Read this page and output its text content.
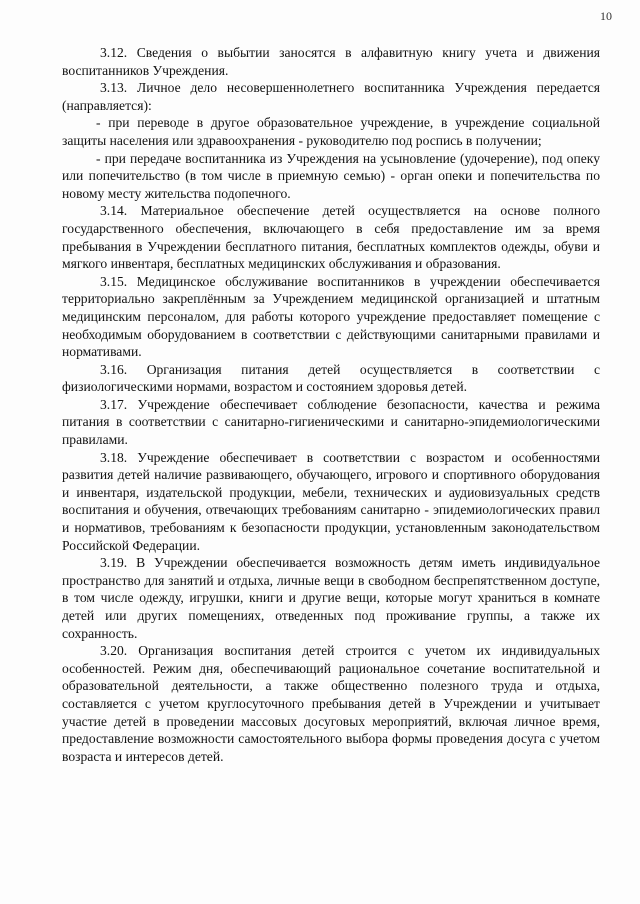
10

3.12. Сведения о выбытии заносятся в алфавитную книгу учета и движения воспитанников Учреждения.

3.13. Личное дело несовершеннолетнего воспитанника Учреждения передается (направляется):

- при переводе в другое образовательное учреждение, в учреждение социальной защиты населения или здравоохранения - руководителю под роспись в получении;

- при передаче воспитанника из Учреждения на усыновление (удочерение), под опеку или попечительство (в том числе в приемную семью) - орган опеки и попечительства по новому месту жительства подопечного.

3.14. Материальное обеспечение детей осуществляется на основе полного государственного обеспечения, включающего в себя предоставление им за время пребывания в Учреждении бесплатного питания, бесплатных комплектов одежды, обуви и мягкого инвентаря, бесплатных медицинских обслуживания и образования.

3.15. Медицинское обслуживание воспитанников в учреждении обеспечивается территориально закреплённым за Учреждением медицинской организацией и штатным медицинским персоналом, для работы которого учреждение предоставляет помещение с необходимым оборудованием в соответствии с действующими санитарными правилами и нормативами.

3.16. Организация питания детей осуществляется в соответствии с физиологическими нормами, возрастом и состоянием здоровья детей.

3.17. Учреждение обеспечивает соблюдение безопасности, качества и режима питания в соответствии с санитарно-гигиеническими и санитарно-эпидемиологическими правилами.

3.18. Учреждение обеспечивает в соответствии с возрастом и особенностями развития детей наличие развивающего, обучающего, игрового и спортивного оборудования и инвентаря, издательской продукции, мебели, технических и аудиовизуальных средств воспитания и обучения, отвечающих требованиям санитарно - эпидемиологических правил и нормативов, требованиям к безопасности продукции, установленным законодательством Российской Федерации.

3.19. В Учреждении обеспечивается возможность детям иметь индивидуальное пространство для занятий и отдыха, личные вещи в свободном беспрепятственном доступе, в том числе одежду, игрушки, книги и другие вещи, которые могут храниться в комнате детей или других помещениях, отведенных под проживание группы, а также их сохранность.

3.20. Организация воспитания детей строится с учетом их индивидуальных особенностей. Режим дня, обеспечивающий рациональное сочетание воспитательной и образовательной деятельности, а также общественно полезного труда и отдыха, составляется с учетом круглосуточного пребывания детей в Учреждении и учитывает участие детей в проведении массовых досуговых мероприятий, включая личное время, предоставление возможности самостоятельного выбора формы проведения досуга с учетом возраста и интересов детей.
